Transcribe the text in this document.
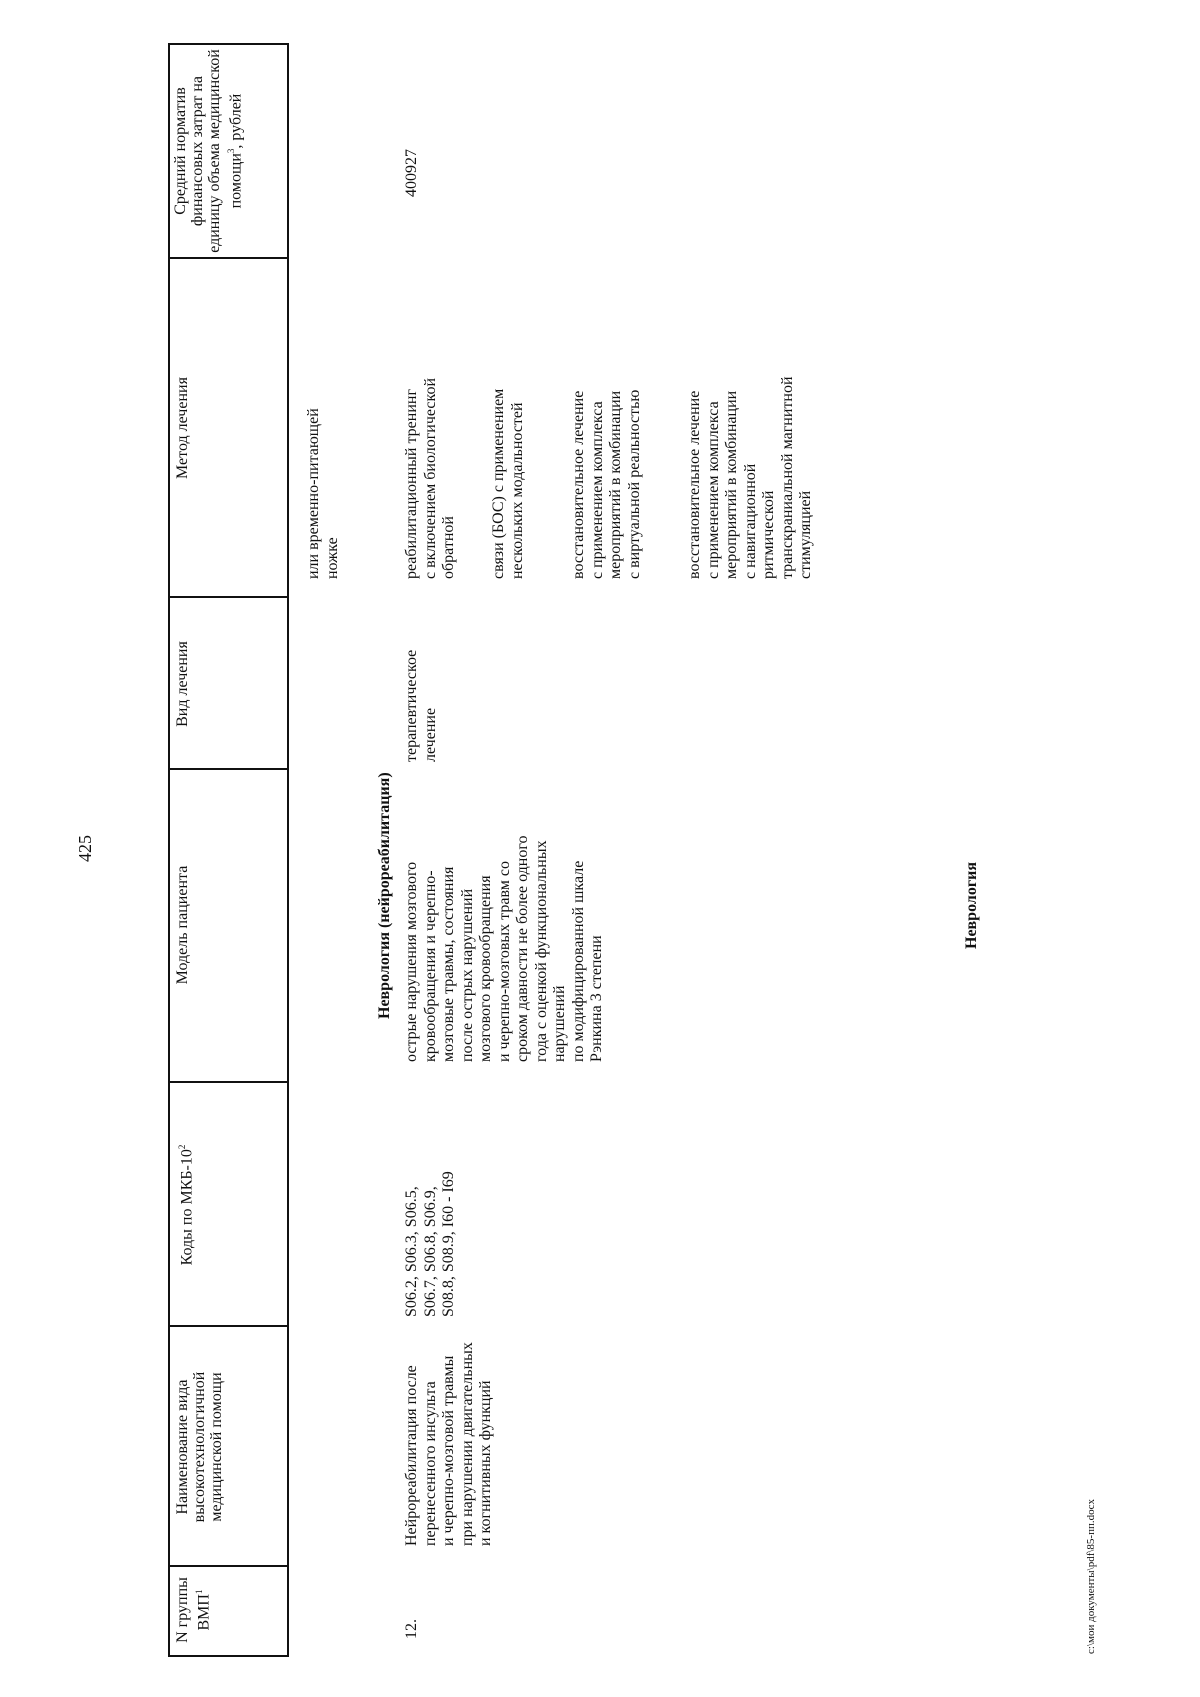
425
N группы ВМП$^1$
Наименование вида высокотехнологичной медицинской помощи
Коды по МКБ-$10^2$
Модель пациента
Вид лечения
Метод лечения
Средний норматив финансовых затрат на единицу объема медицинской помощи$^3$, рублей
или временно-питающей
ножке
Неврология (нейрореабилитация)
12.
Нейрореабилитация после
перенесенного инсульта
и черепно-мозговой травмы
при нарушении двигательных
и когнитивных функций
S06.2, S06.3, S06.5,
S06.7, S06.8, S06.9,
S08.8, S08.9, I60 - I69
острые нарушения мозгового
кровообращения и черепно-
мозговые травмы, состояния
после острых нарушений
мозгового кровообращения
и черепно-мозговых травм со
сроком давности не более одного
года с оценкой функциональных
нарушений
по модифицированной шкале
Рэнкина 3 степени
терапевтическое
лечение
реабилитационный тренинг
с включением биологической
обратной связи (БОС) с применением
нескольких модальностей	восстановительное лечение
с применением комплекса
мероприятий в комбинации
с виртуальной реальностью
восстановительное лечение
с применением комплекса
мероприятий в комбинации
с навигационной
ритмической
транскраниальной магнитной
стимуляцией
400927
Неврология
c:\мои документы\pdf\85-пп.docx
